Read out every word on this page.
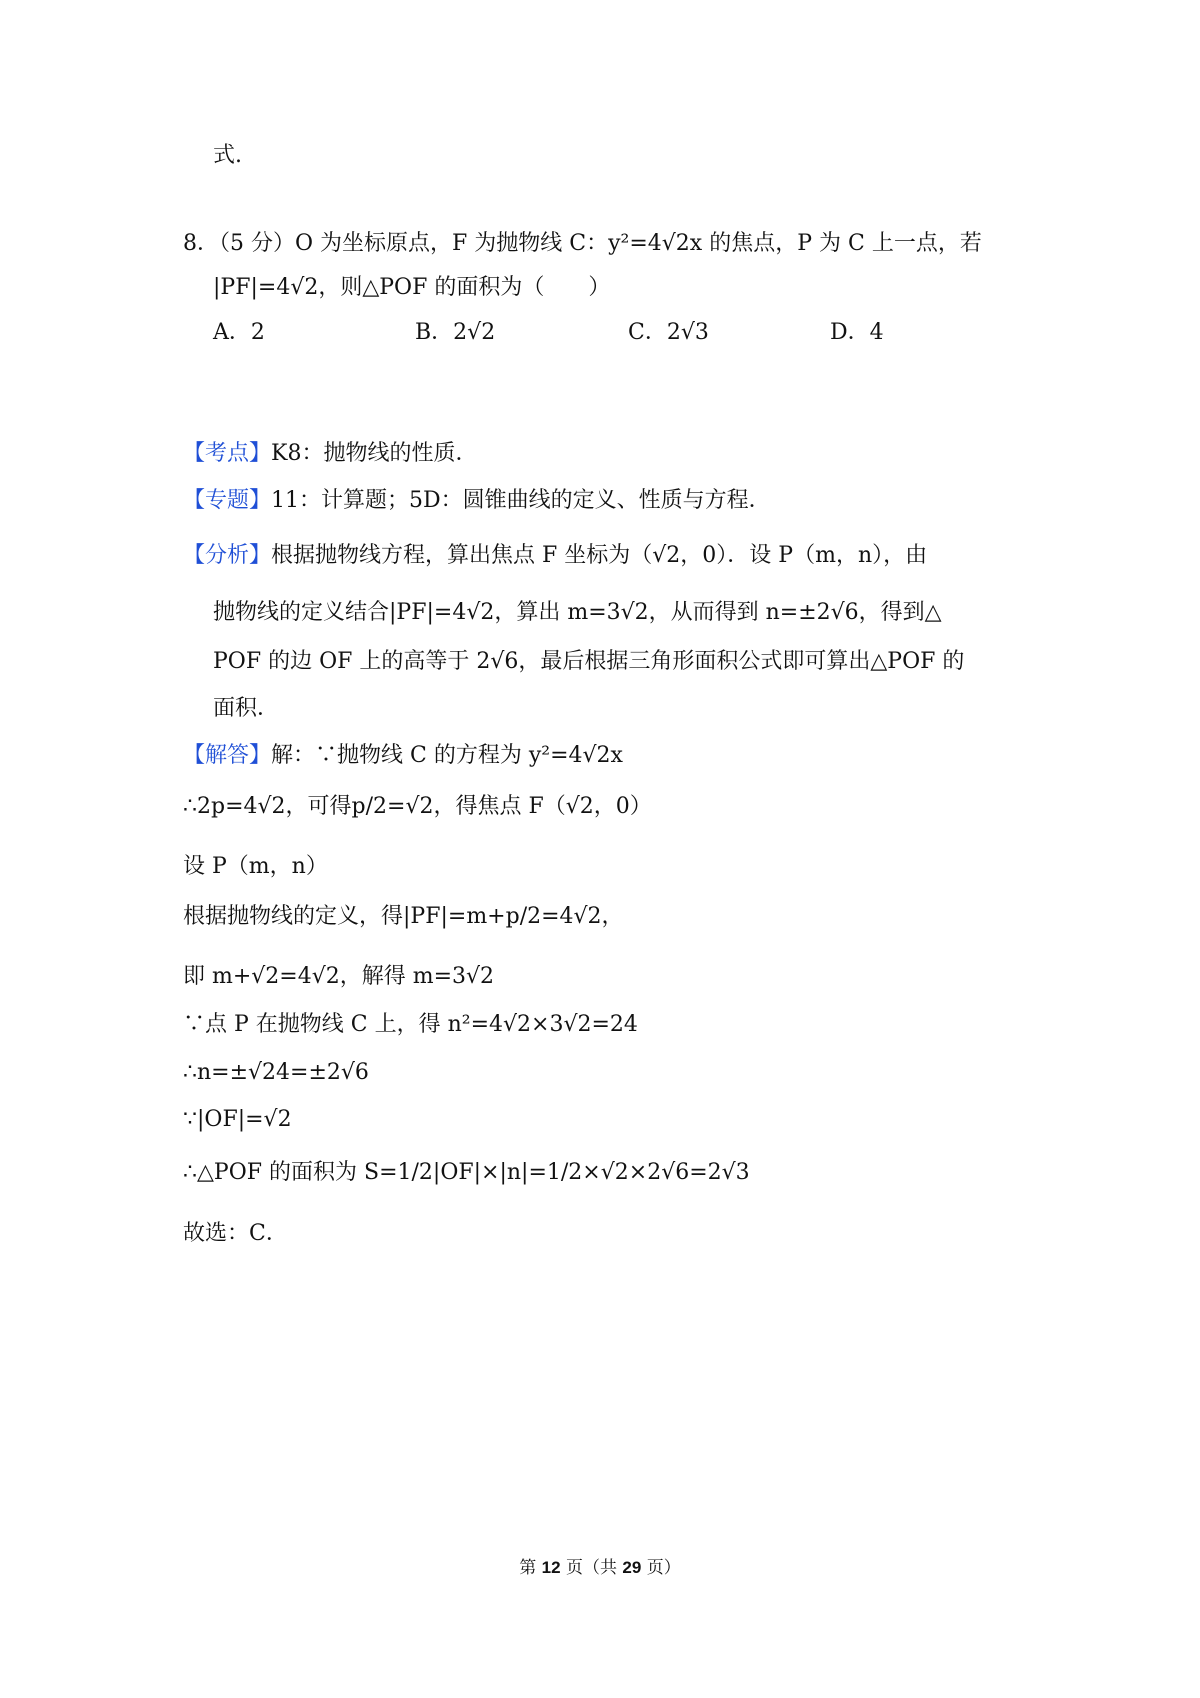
式.
8．（5 分）O 为坐标原点，F 为抛物线 C：y²=4√2x 的焦点，P 为 C 上一点，若
|PF|=4√2，则△POF 的面积为（　　）
A．2	B．2√2	C．2√3	D．4
【考点】K8：抛物线的性质．
【专题】11：计算题；5D：圆锥曲线的定义、性质与方程．
【分析】根据抛物线方程，算出焦点 F 坐标为（√2，0）．设 P（m，n），由
抛物线的定义结合|PF|=4√2，算出 m=3√2，从而得到 n=±2√6，得到△
POF 的边 OF 上的高等于 2√6，最后根据三角形面积公式即可算出△POF 的
面积．
【解答】解：∵抛物线 C 的方程为 y²=4√2x
∴2p=4√2，可得p/2=√2，得焦点 F（√2，0）
设 P（m，n）
根据抛物线的定义，得|PF|=m+p/2=4√2，
即 m+√2=4√2，解得 m=3√2
∵点 P 在抛物线 C 上，得 n²=4√2×3√2=24
∴n=±√24=±2√6
∵|OF|=√2
∴△POF 的面积为 S=1/2|OF|×|n|=1/2×√2×2√6=2√3
故选：C．
第 12 页（共 29 页）
